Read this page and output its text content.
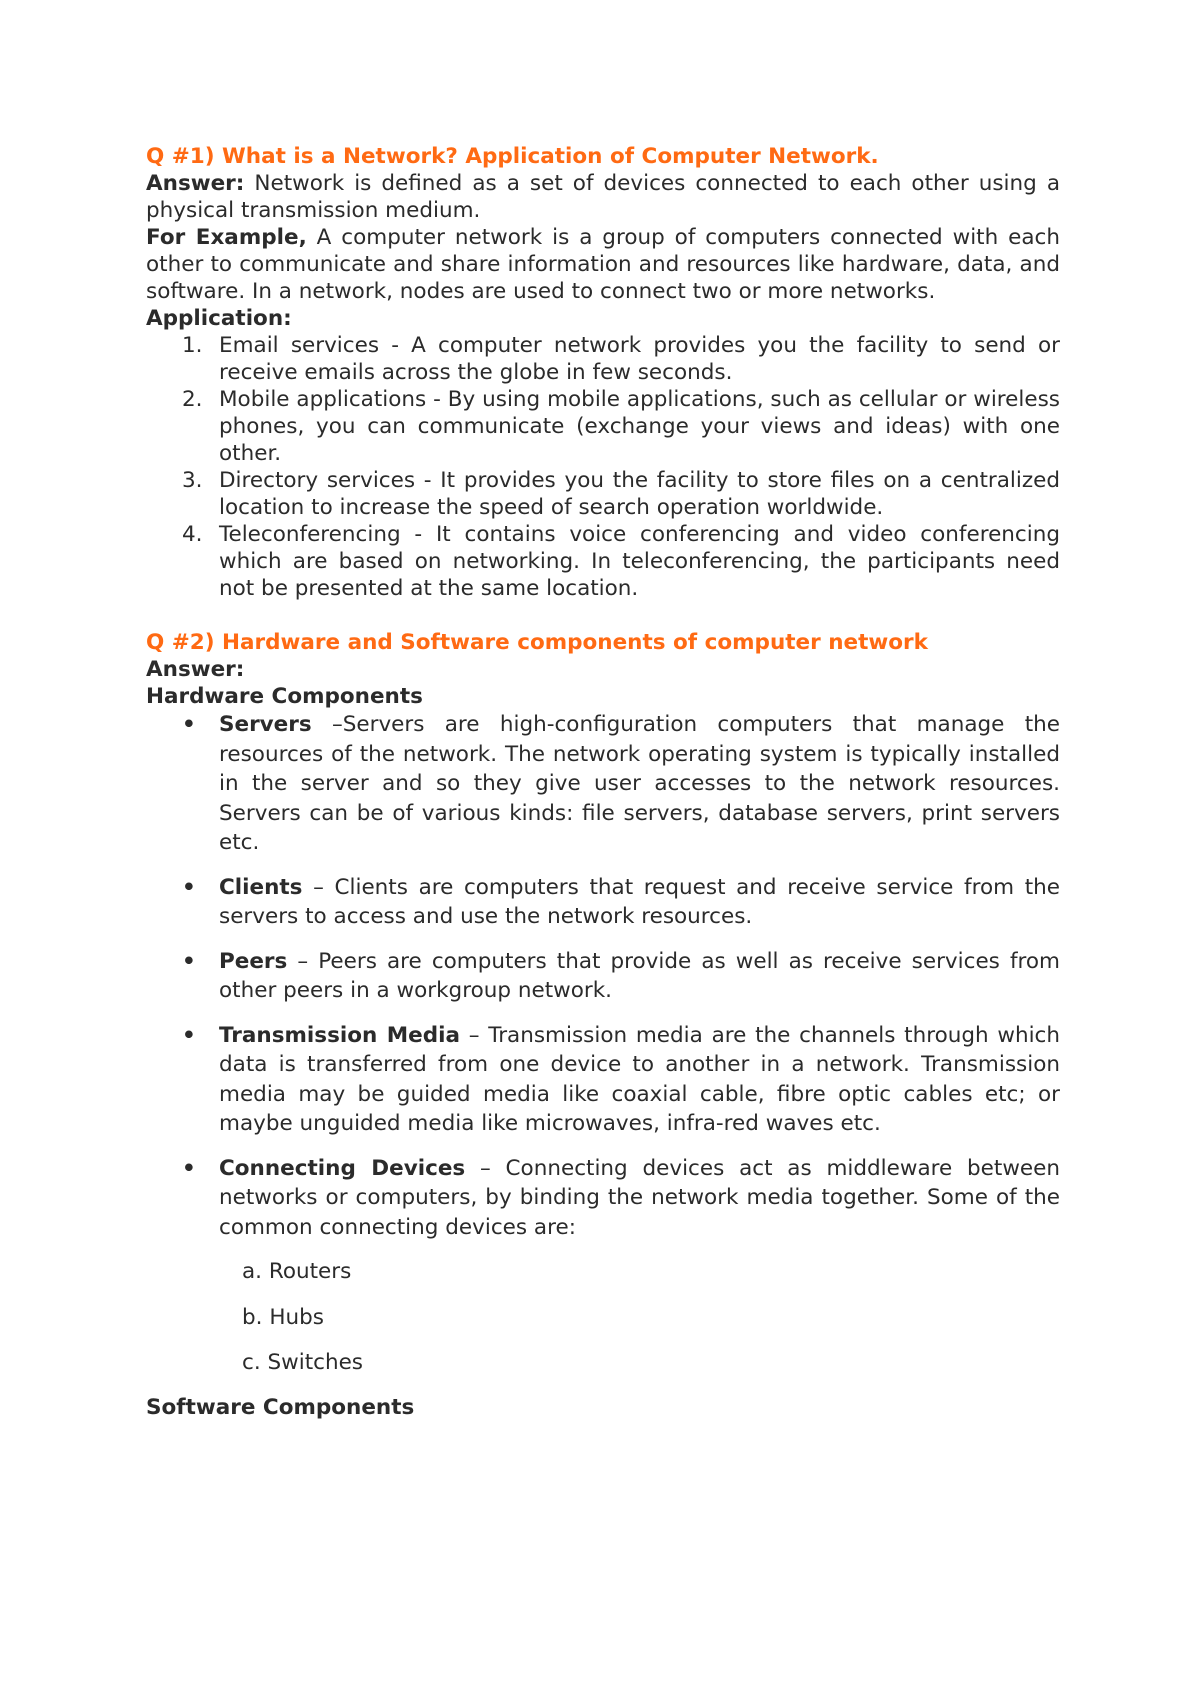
Q #1) What is a Network? Application of Computer Network.

Answer: Network is defined as a set of devices connected to each other using a physical transmission medium.

For Example, A computer network is a group of computers connected with each other to communicate and share information and resources like hardware, data, and software. In a network, nodes are used to connect two or more networks.

Application:

1. Email services - A computer network provides you the facility to send or receive emails across the globe in few seconds.
2. Mobile applications - By using mobile applications, such as cellular or wireless phones, you can communicate (exchange your views and ideas) with one other.
3. Directory services - It provides you the facility to store files on a centralized location to increase the speed of search operation worldwide.
4. Teleconferencing - It contains voice conferencing and video conferencing which are based on networking. In teleconferencing, the participants need not be presented at the same location.

Q #2) Hardware and Software components of computer network

Answer:

Hardware Components

• Servers –Servers are high-configuration computers that manage the resources of the network. The network operating system is typically installed in the server and so they give user accesses to the network resources. Servers can be of various kinds: file servers, database servers, print servers etc.
• Clients – Clients are computers that request and receive service from the servers to access and use the network resources.
• Peers – Peers are computers that provide as well as receive services from other peers in a workgroup network.
• Transmission Media – Transmission media are the channels through which data is transferred from one device to another in a network. Transmission media may be guided media like coaxial cable, fibre optic cables etc; or maybe unguided media like microwaves, infra-red waves etc.
• Connecting Devices – Connecting devices act as middleware between networks or computers, by binding the network media together. Some of the common connecting devices are:
a. Routers
b. Hubs
c. Switches

Software Components
